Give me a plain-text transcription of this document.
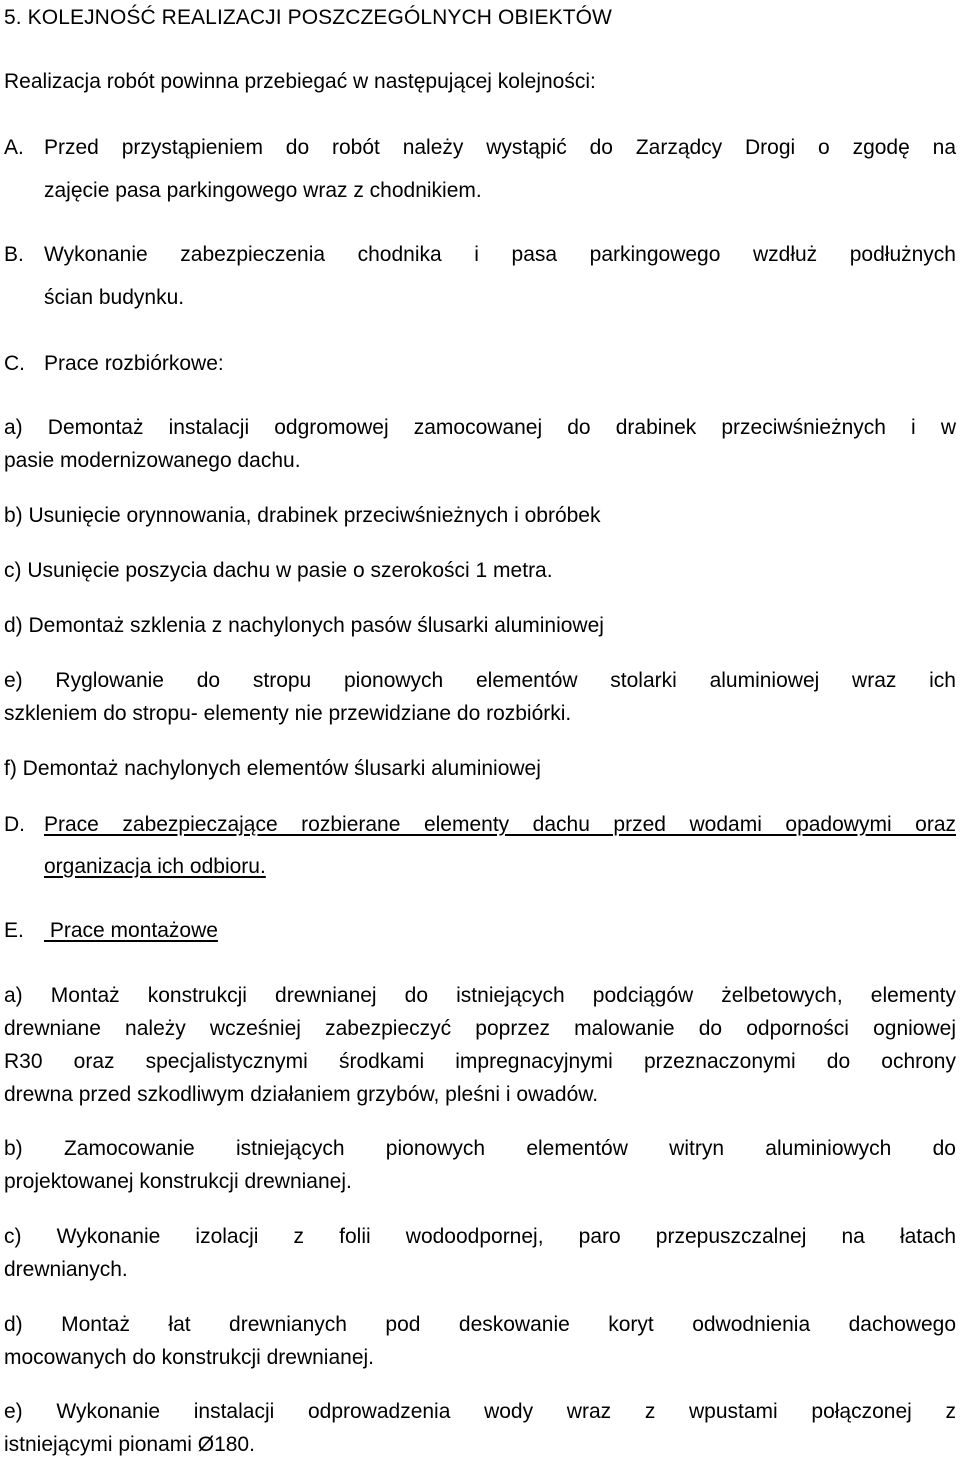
5. KOLEJNOŚĆ REALIZACJI POSZCZEGÓLNYCH OBIEKTÓW

Realizacja robót powinna przebiegać w następującej kolejności:

A. Przed przystąpieniem do robót należy wystąpić do Zarządcy Drogi o zgodę na

zajęcie pasa parkingowego wraz z chodnikiem.

B. Wykonanie zabezpieczenia chodnika i pasa parkingowego wzdłuż podłużnych

ścian budynku.

C. Prace rozbiórkowe:

a) Demontaż instalacji odgromowej zamocowanej do drabinek przeciwśnieżnych i w

pasie modernizowanego dachu.

b) Usunięcie orynnowania, drabinek przeciwśnieżnych i obróbek

c) Usunięcie poszycia dachu w pasie o szerokości 1 metra.

d) Demontaż szklenia z nachylonych pasów ślusarki aluminiowej

e) Ryglowanie do stropu pionowych elementów stolarki aluminiowej wraz ich

szkleniem do stropu- elementy nie przewidziane do rozbiórki.

f) Demontaż nachylonych elementów ślusarki aluminiowej

D. Prace zabezpieczające rozbierane elementy dachu przed wodami opadowymi oraz

organizacja ich odbioru.

E. Prace montażowe

a) Montaż konstrukcji drewnianej do istniejących podciągów żelbetowych, elementy

drewniane należy wcześniej zabezpieczyć poprzez malowanie do odporności ogniowej

R30 oraz specjalistycznymi środkami impregnacyjnymi przeznaczonymi do ochrony

drewna przed szkodliwym działaniem grzybów, pleśni i owadów.

b) Zamocowanie istniejących pionowych elementów witryn aluminiowych do

projektowanej konstrukcji drewnianej.

c) Wykonanie izolacji z folii wodoodpornej, paro przepuszczalnej na łatach

drewnianych.

d) Montaż łat drewnianych pod deskowanie koryt odwodnienia dachowego

mocowanych do konstrukcji drewnianej.

e) Wykonanie instalacji odprowadzenia wody wraz z wpustami połączonej z

istniejącymi pionami Ø180.
